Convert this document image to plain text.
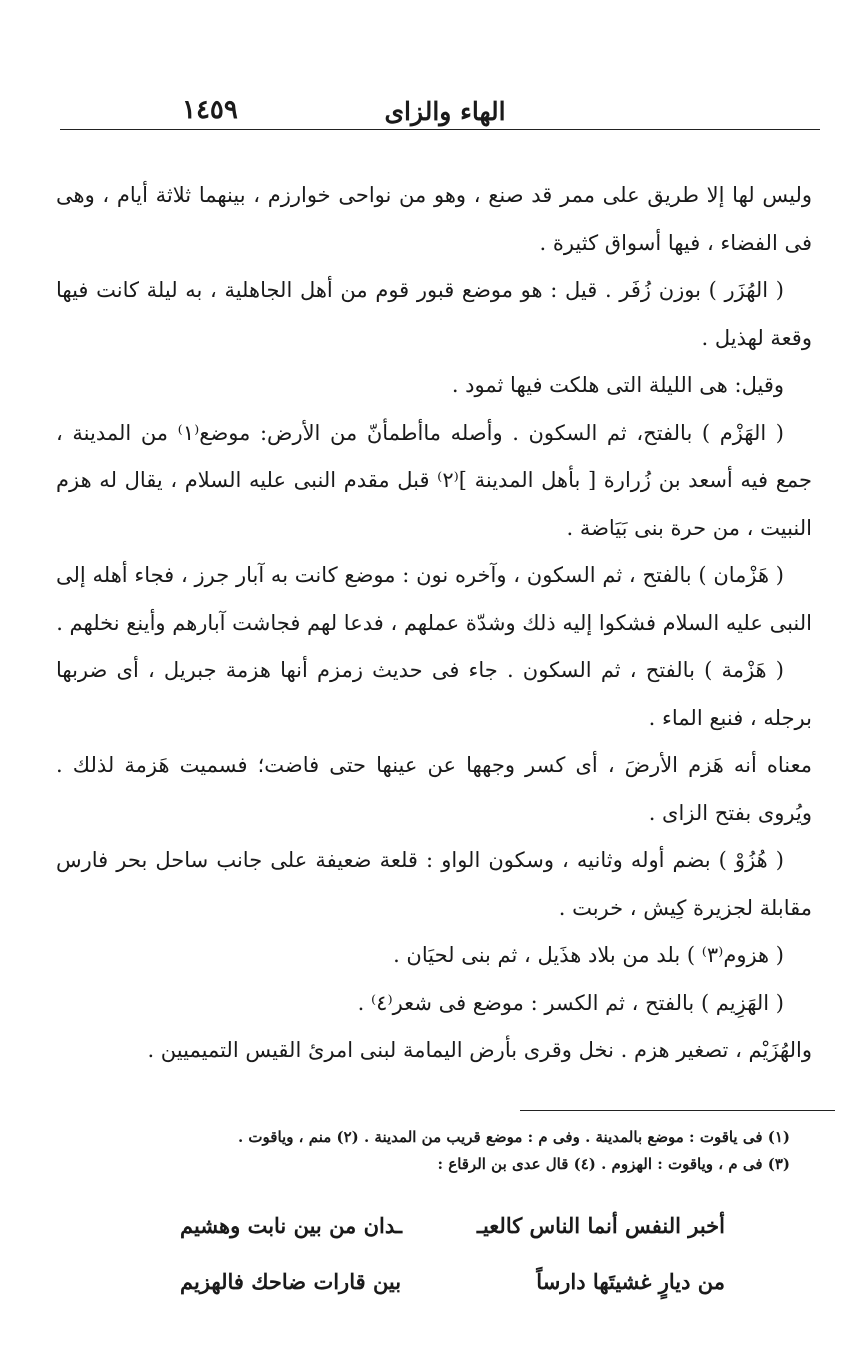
١٤٥٩	الهاء والزاى

وليس لها إلا طريق على ممر قد صنع ، وهو من نواحى خوارزم ، بينهما ثلاثة أيام ، وهى فى الفضاء ، فيها أسواق كثيرة .

( الهُزَر ) بوزن زُفَر . قيل : هو موضع قبور قوم من أهل الجاهلية ، به ليلة كانت فيها وقعة لهذيل .

وقيل: هى الليلة التى هلكت فيها ثمود .

( الهَزْم ) بالفتح، ثم السكون . وأصله ماأطمأنّ من الأرض: موضع⁽١⁾ من المدينة ، جمع فيه أسعد بن زُرارة [ بأهل المدينة ]⁽٢⁾ قبل مقدم النبى عليه السلام ، يقال له هزم النبيت ، من حرة بنى بَيَاضة .

( هَزْمان ) بالفتح ، ثم السكون ، وآخره نون : موضع كانت به آبار جرز ، فجاء أهله إلى النبى عليه السلام فشكوا إليه ذلك وشدّة عملهم ، فدعا لهم فجاشت آبارهم وأينع نخلهم .

( هَزْمة ) بالفتح ، ثم السكون . جاء فى حديث زمزم أنها هزمة جبريل ، أى ضربها برجله ، فنبع الماء .

معناه أنه هَزم الأرضَ ، أى كسر وجهها عن عينها حتى فاضت؛ فسميت هَزمة لذلك . ويُروى بفتح الزاى .

( هُزُوْ ) بضم أوله وثانيه ، وسكون الواو : قلعة ضعيفة على جانب ساحل بحر فارس مقابلة لجزيرة كِيش ، خربت .

( هزوم⁽٣⁾ ) بلد من بلاد هذَيل ، ثم بنى لحيَان .

( الهَزِيم ) بالفتح ، ثم الكسر : موضع فى شعر⁽٤⁾ .

والهُزَيْم ، تصغير هزم . نخل وقرى بأرض اليمامة لبنى امرئ القيس التميميين .

(١) فى ياقوت : موضع بالمدينة . وفى م : موضع قريب من المدينة . (٢) منم ، وياقوت .

(٣) فى م ، وياقوت : الهزوم . (٤) قال عدى بن الرقاع :

أخبر النفس أنما الناس كالعيـ
ـدان من بين نابت وهشيم
من ديارٍ غشيتَها دارساً
بين قارات ضاحك فالهزيم
